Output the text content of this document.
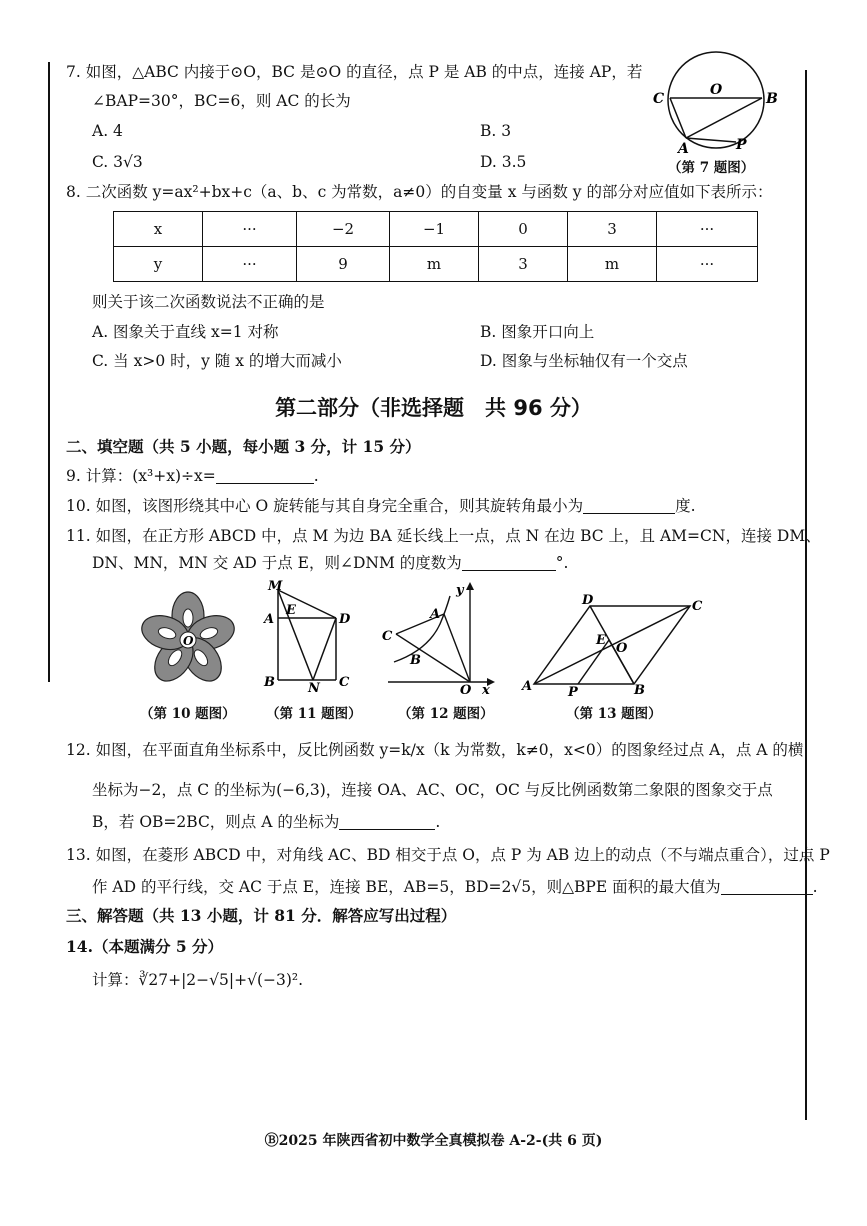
7. 如图，△ABC 内接于⊙O，BC 是⊙O 的直径，点 P 是 AB 的中点，连接 AP，若
∠BAP=30°，BC=6，则 AC 的长为
A. 4	B. 3
C. 3√3	D. 3.5
C
O
B
A	P
（第 7 题图）
8. 二次函数 y=ax²+bx+c（a、b、c 为常数，a≠0）的自变量 x 与函数 y 的部分对应值如下表所示：
x	···	−2	−1	0	3	···
y	···	9	m	3	m	···
则关于该二次函数说法不正确的是
A. 图象关于直线 x=1 对称	B. 图象开口向上
C. 当 x>0 时，y 随 x 的增大而减小	D. 图象与坐标轴仅有一个交点
第二部分（非选择题　共 96 分）
二、填空题（共 5 小题，每小题 3 分，计 15 分）
9. 计算：(x³+x)÷x=	.
10. 如图，该图形绕其中心 O 旋转能与其自身完全重合，则其旋转角最小为	度.
11. 如图，在正方形 ABCD 中，点 M 为边 BA 延长线上一点，点 N 在边 BC 上，且 AM=CN，连接 DM、
DN、MN，MN 交 AD 于点 E，则∠DNM 的度数为	°.
O
（第 10 题图）
M
A
E
D
B	N C
（第 11 题图）
y
A
C
B
O x
（第 12 题图）
D	C
E
O
A	P	B
（第 13 题图）
12. 如图，在平面直角坐标系中，反比例函数 y=k/x（k 为常数，k≠0，x<0）的图象经过点 A，点 A 的横
坐标为−2，点 C 的坐标为(−6,3)，连接 OA、AC、OC，OC 与反比例函数第二象限的图象交于点
B，若 OB=2BC，则点 A 的坐标为	.
13. 如图，在菱形 ABCD 中，对角线 AC、BD 相交于点 O，点 P 为 AB 边上的动点（不与端点重合），过点 P
作 AD 的平行线，交 AC 于点 E，连接 BE，AB=5，BD=2√5，则△BPE 面积的最大值为	.
三、解答题（共 13 小题，计 81 分．解答应写出过程）
14.（本题满分 5 分）
计算：∛27+|2−√5|+√(−3)².
Ⓑ2025 年陕西省初中数学全真模拟卷 A-2-(共 6 页)
